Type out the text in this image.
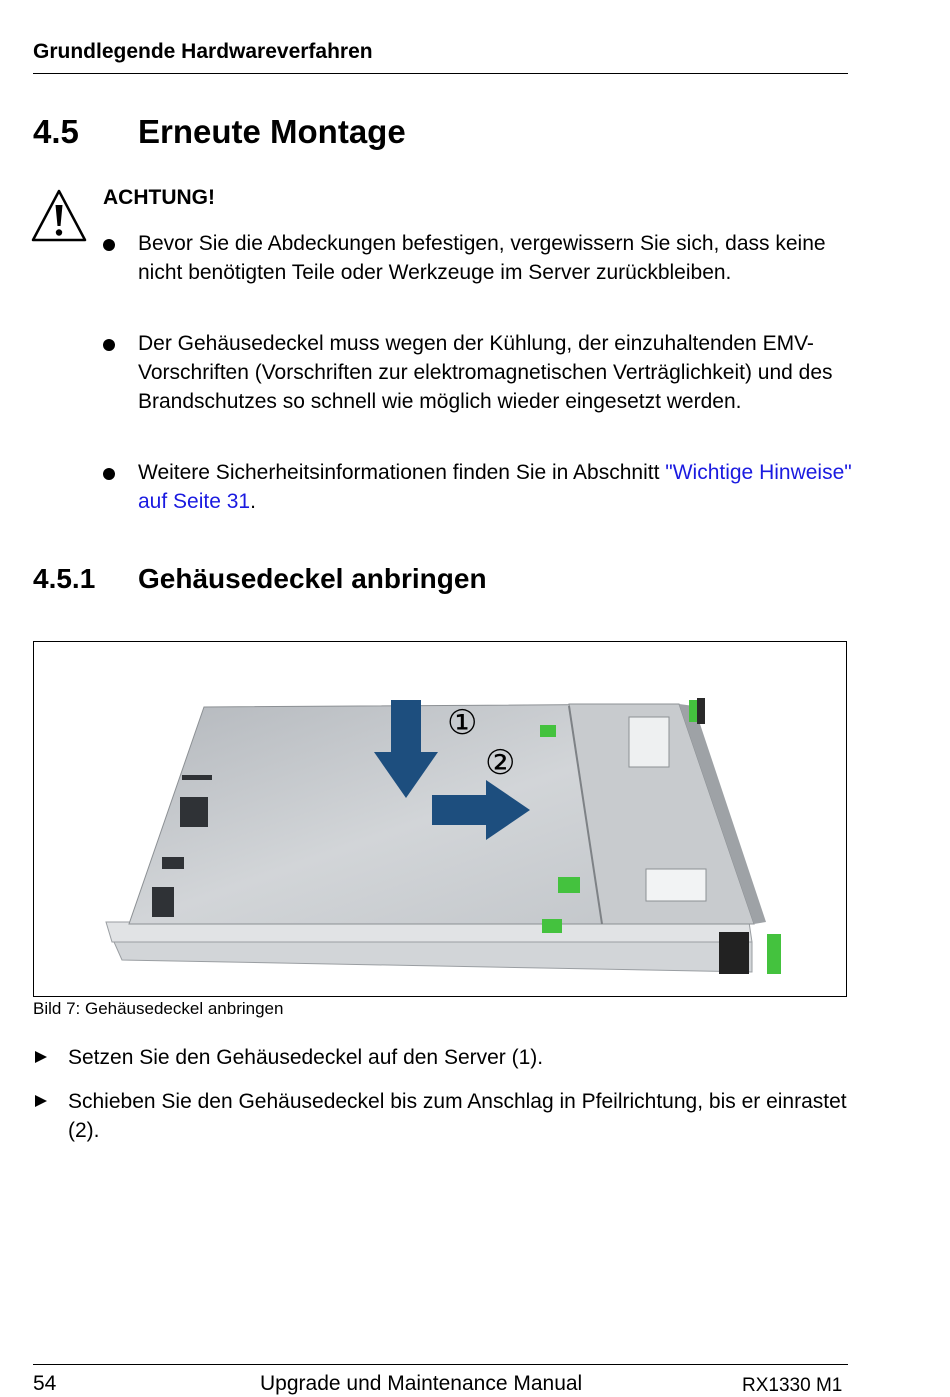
Grundlegende Hardwareverfahren
4.5 Erneute Montage
ACHTUNG!
Bevor Sie die Abdeckungen befestigen, vergewissern Sie sich, dass keine nicht benötigten Teile oder Werkzeuge im Server zurückbleiben.
Der Gehäusedeckel muss wegen der Kühlung, der einzuhaltenden EMV-Vorschriften (Vorschriften zur elektromagnetischen Verträglichkeit) und des Brandschutzes so schnell wie möglich wieder eingesetzt werden.
Weitere Sicherheitsinformationen finden Sie in Abschnitt "Wichtige Hinweise" auf Seite 31.
4.5.1 Gehäusedeckel anbringen
①
②
Bild 7: Gehäusedeckel anbringen
Setzen Sie den Gehäusedeckel auf den Server (1).
Schieben Sie den Gehäusedeckel bis zum Anschlag in Pfeilrichtung, bis er einrastet (2).
54	Upgrade und Maintenance Manual	RX1330 M1
